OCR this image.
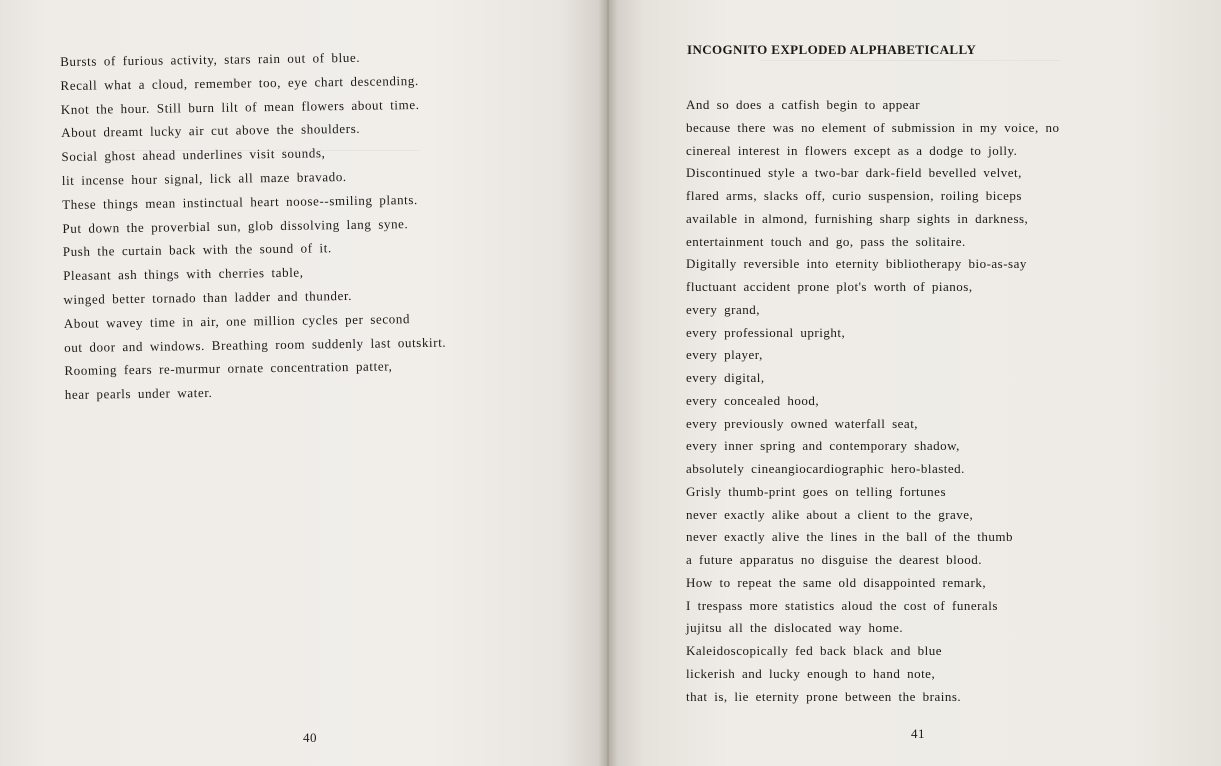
Bursts of furious activity, stars rain out of blue.
Recall what a cloud, remember too, eye chart descending.
Knot the hour. Still burn lilt of mean flowers about time.
About dreamt lucky air cut above the shoulders.
Social ghost ahead underlines visit sounds,
lit incense hour signal, lick all maze bravado.
These things mean instinctual heart noose--smiling plants.
Put down the proverbial sun, glob dissolving lang syne.
Push the curtain back with the sound of it.
Pleasant ash things with cherries table,
winged better tornado than ladder and thunder.
About wavey time in air, one million cycles per second
out door and windows. Breathing room suddenly last outskirt.
Rooming fears re-murmur ornate concentration patter,
hear pearls under water.
40
INCOGNITO EXPLODED ALPHABETICALLY
And so does a catfish begin to appear
because there was no element of submission in my voice, no
cinereal interest in flowers except as a dodge to jolly.
Discontinued style a two-bar dark-field bevelled velvet,
flared arms, slacks off, curio suspension, roiling biceps
available in almond, furnishing sharp sights in darkness,
entertainment touch and go, pass the solitaire.
Digitally reversible into eternity bibliotherapy bio-as-say
fluctuant accident prone plot's worth of pianos,
every grand,
every professional upright,
every player,
every digital,
every concealed hood,
every previously owned waterfall seat,
every inner spring and contemporary shadow,
absolutely cineangiocardiographic hero-blasted.
Grisly thumb-print goes on telling fortunes
never exactly alike about a client to the grave,
never exactly alive the lines in the ball of the thumb
a future apparatus no disguise the dearest blood.
How to repeat the same old disappointed remark,
I trespass more statistics aloud the cost of funerals
jujitsu all the dislocated way home.
Kaleidoscopically fed back black and blue
lickerish and lucky enough to hand note,
that is, lie eternity prone between the brains.
41
